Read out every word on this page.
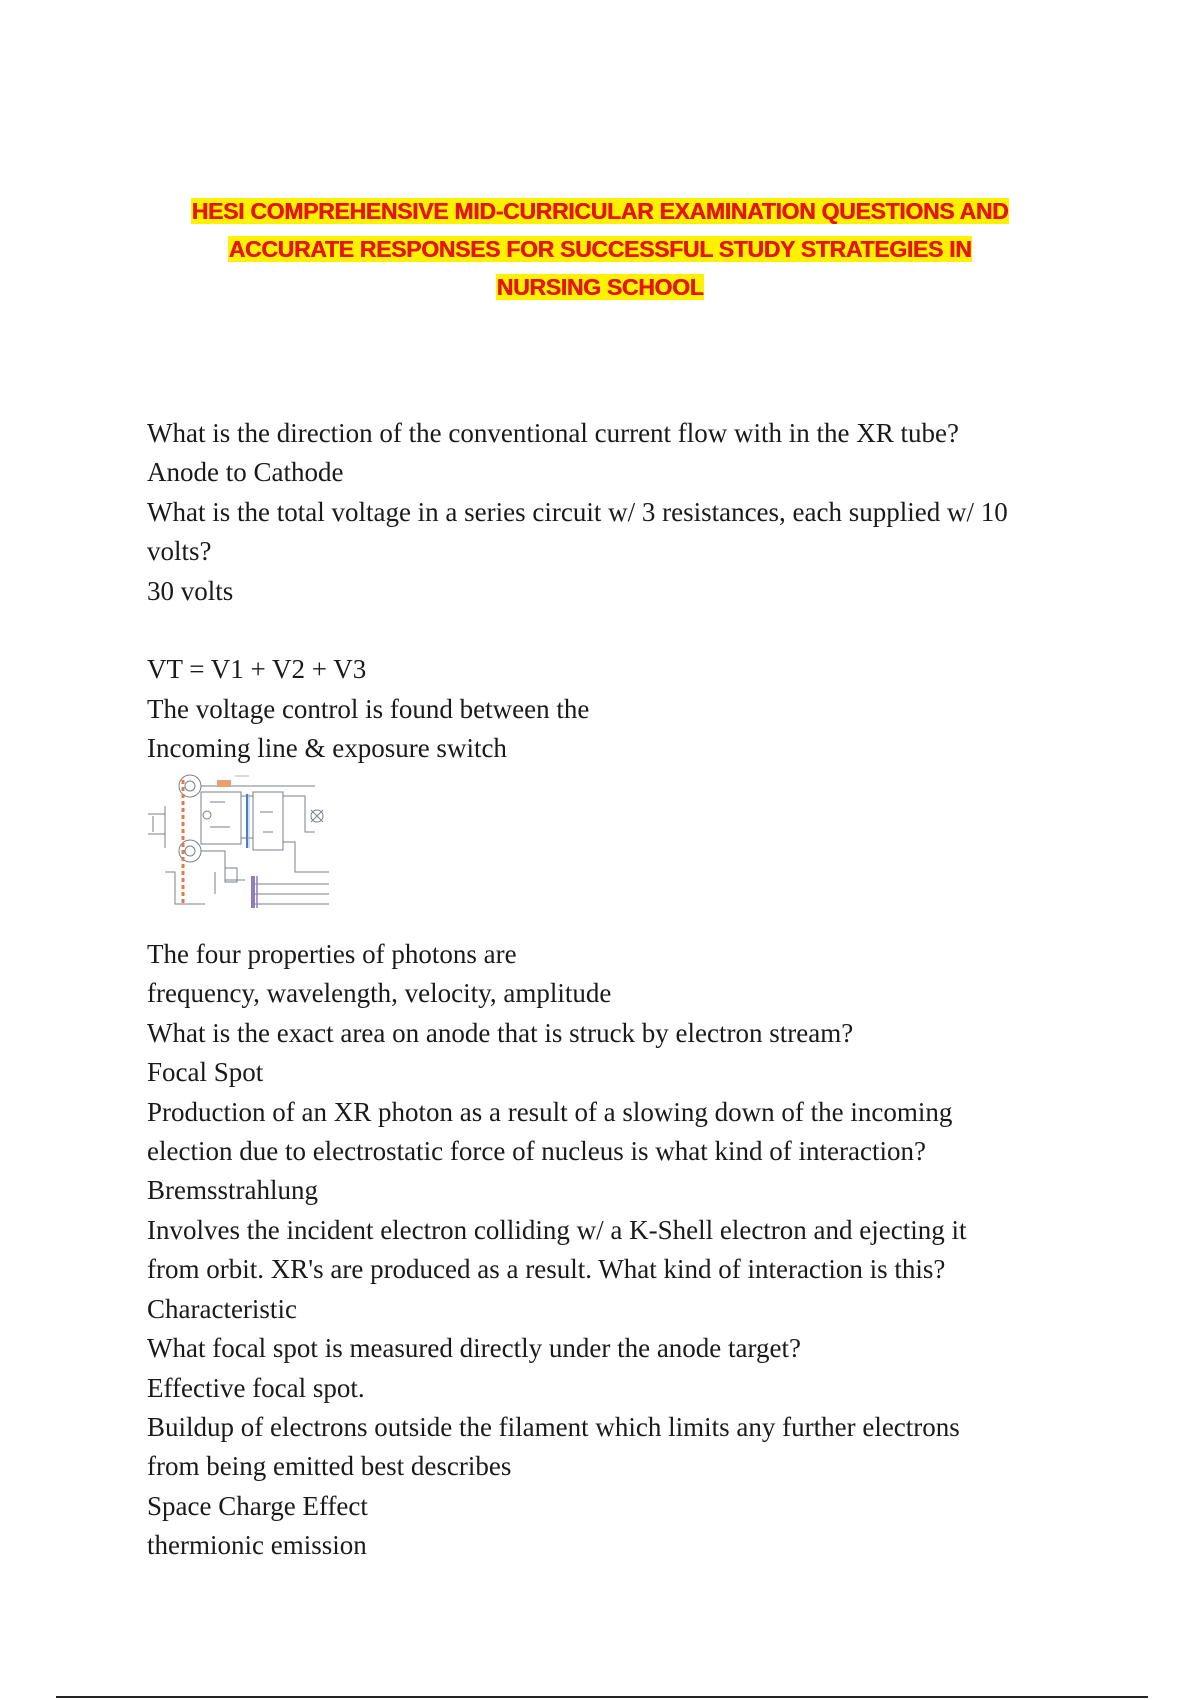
HESI COMPREHENSIVE MID-CURRICULAR EXAMINATION QUESTIONS AND
ACCURATE RESPONSES FOR SUCCESSFUL STUDY STRATEGIES IN
NURSING SCHOOL

What is the direction of the conventional current flow with in the XR tube?

Anode to Cathode

What is the total voltage in a series circuit w/ 3 resistances, each supplied w/ 10

volts?

30 volts

VT = V1 + V2 + V3

The voltage control is found between the

Incoming line & exposure switch

The four properties of photons are

frequency, wavelength, velocity, amplitude

What is the exact area on anode that is struck by electron stream?

Focal Spot

Production of an XR photon as a result of a slowing down of the incoming

election due to electrostatic force of nucleus is what kind of interaction?

Bremsstrahlung

Involves the incident electron colliding w/ a K-Shell electron and ejecting it

from orbit. XR's are produced as a result. What kind of interaction is this?

Characteristic

What focal spot is measured directly under the anode target?

Effective focal spot.

Buildup of electrons outside the filament which limits any further electrons

from being emitted best describes

Space Charge Effect

thermionic emission
